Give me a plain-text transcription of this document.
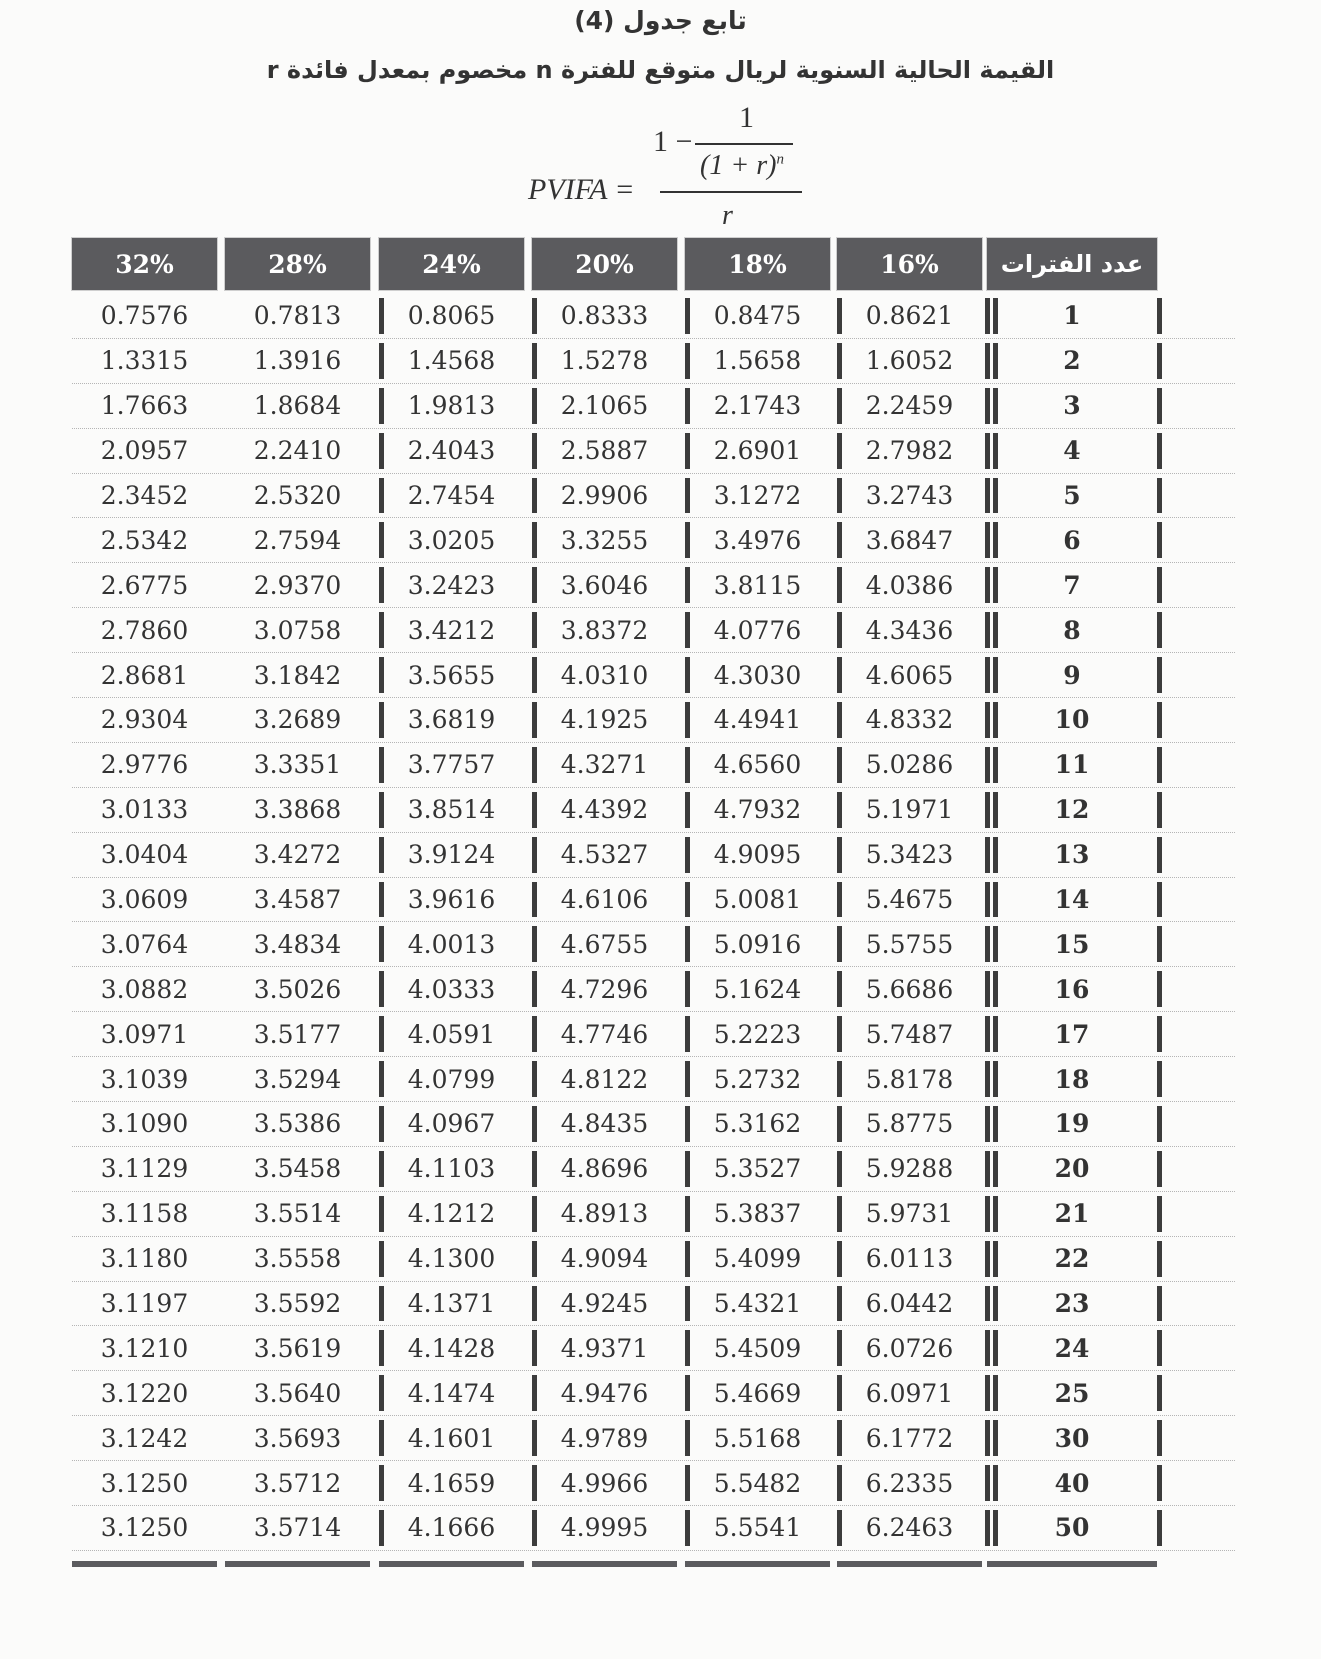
تابع جدول (4)
القيمة الحالية السنوية لريال متوقع للفترة n مخصوم بمعدل فائدة r
PVIFA =
1 −
1
$(1 + r)^n$
r
32%	28%	24%	20%	18%	16%	عدد الفترات
0.7576	0.7813	0.8065	0.8333	0.8475	0.8621	1
1.3315	1.3916	1.4568	1.5278	1.5658	1.6052	2
1.7663	1.8684	1.9813	2.1065	2.1743	2.2459	3
2.0957	2.2410	2.4043	2.5887	2.6901	2.7982	4
2.3452	2.5320	2.7454	2.9906	3.1272	3.2743	5
2.5342	2.7594	3.0205	3.3255	3.4976	3.6847	6
2.6775	2.9370	3.2423	3.6046	3.8115	4.0386	7
2.7860	3.0758	3.4212	3.8372	4.0776	4.3436	8
2.8681	3.1842	3.5655	4.0310	4.3030	4.6065	9
2.9304	3.2689	3.6819	4.1925	4.4941	4.8332	10
2.9776	3.3351	3.7757	4.3271	4.6560	5.0286	11
3.0133	3.3868	3.8514	4.4392	4.7932	5.1971	12
3.0404	3.4272	3.9124	4.5327	4.9095	5.3423	13
3.0609	3.4587	3.9616	4.6106	5.0081	5.4675	14
3.0764	3.4834	4.0013	4.6755	5.0916	5.5755	15
3.0882	3.5026	4.0333	4.7296	5.1624	5.6686	16
3.0971	3.5177	4.0591	4.7746	5.2223	5.7487	17
3.1039	3.5294	4.0799	4.8122	5.2732	5.8178	18
3.1090	3.5386	4.0967	4.8435	5.3162	5.8775	19
3.1129	3.5458	4.1103	4.8696	5.3527	5.9288	20
3.1158	3.5514	4.1212	4.8913	5.3837	5.9731	21
3.1180	3.5558	4.1300	4.9094	5.4099	6.0113	22
3.1197	3.5592	4.1371	4.9245	5.4321	6.0442	23
3.1210	3.5619	4.1428	4.9371	5.4509	6.0726	24
3.1220	3.5640	4.1474	4.9476	5.4669	6.0971	25
3.1242	3.5693	4.1601	4.9789	5.5168	6.1772	30
3.1250	3.5712	4.1659	4.9966	5.5482	6.2335	40
3.1250	3.5714	4.1666	4.9995	5.5541	6.2463	50
